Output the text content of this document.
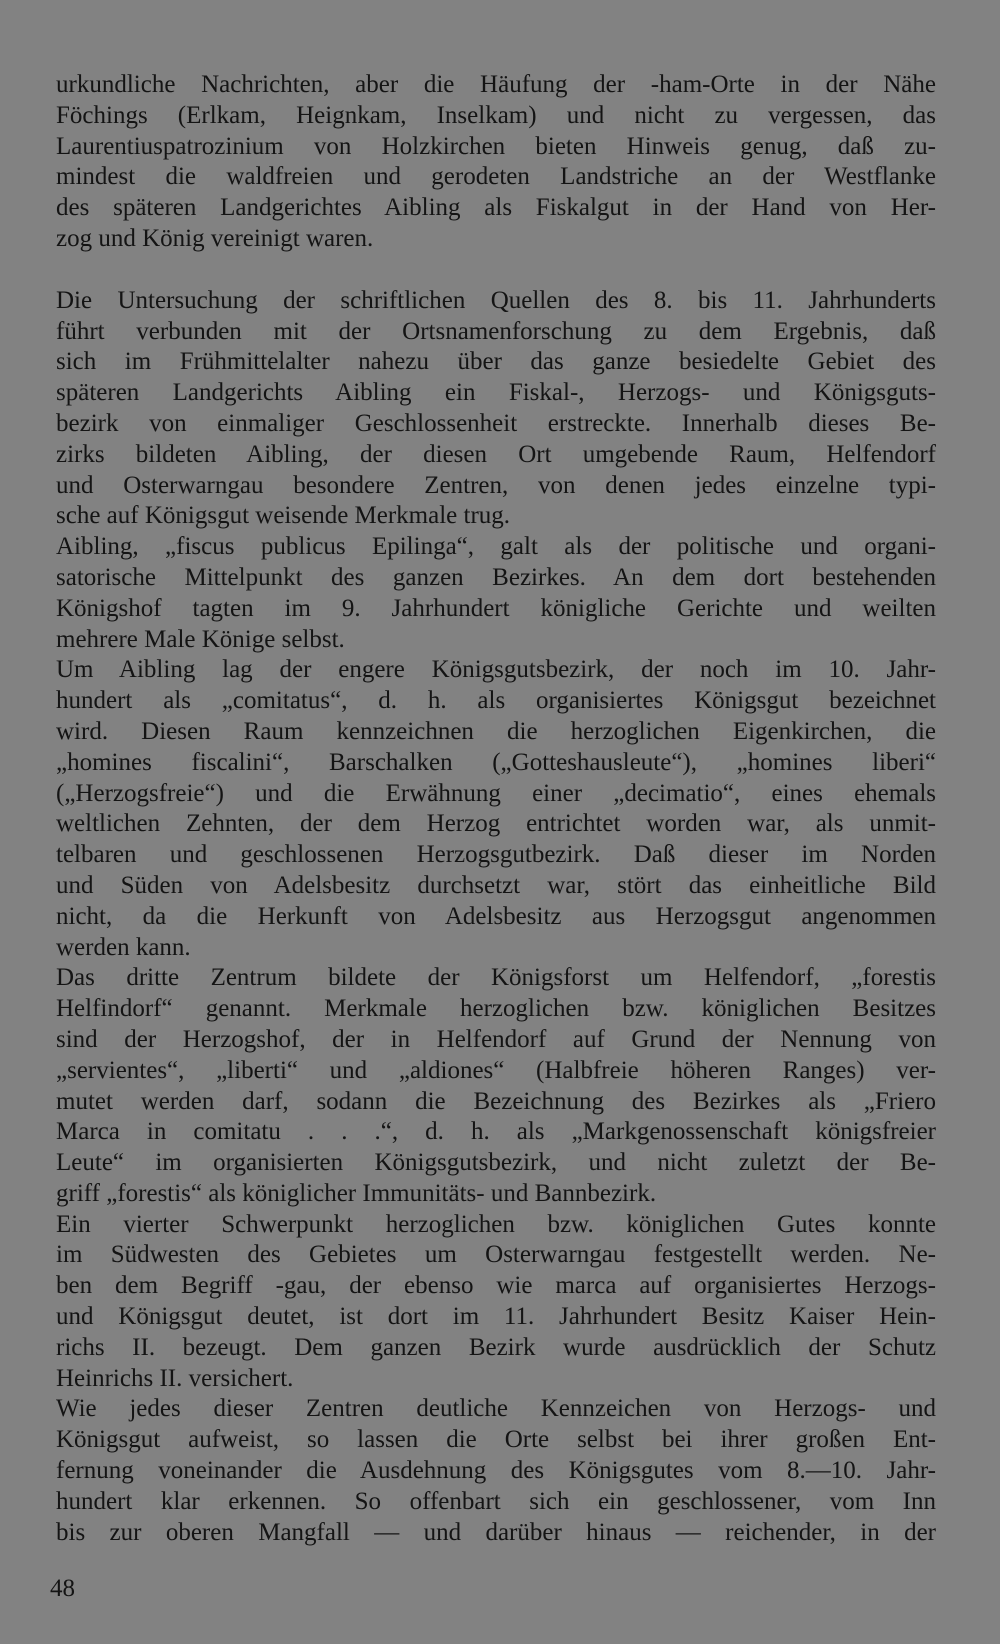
urkundliche Nachrichten, aber die Häufung der -ham-Orte in der Nähe
Föchings (Erlkam, Heignkam, Inselkam) und nicht zu vergessen, das
Laurentiuspatrozinium von Holzkirchen bieten Hinweis genug, daß zu-
mindest die waldfreien und gerodeten Landstriche an der Westflanke
des späteren Landgerichtes Aibling als Fiskalgut in der Hand von Her-
zog und König vereinigt waren.

Die Untersuchung der schriftlichen Quellen des 8. bis 11. Jahrhunderts
führt verbunden mit der Ortsnamenforschung zu dem Ergebnis, daß
sich im Frühmittelalter nahezu über das ganze besiedelte Gebiet des
späteren Landgerichts Aibling ein Fiskal-, Herzogs- und Königsguts-
bezirk von einmaliger Geschlossenheit erstreckte. Innerhalb dieses Be-
zirks bildeten Aibling, der diesen Ort umgebende Raum, Helfendorf
und Osterwarngau besondere Zentren, von denen jedes einzelne typi-
sche auf Königsgut weisende Merkmale trug.

Aibling, „fiscus publicus Epilinga“, galt als der politische und organi-
satorische Mittelpunkt des ganzen Bezirkes. An dem dort bestehenden
Königshof tagten im 9. Jahrhundert königliche Gerichte und weilten
mehrere Male Könige selbst.

Um Aibling lag der engere Königsgutsbezirk, der noch im 10. Jahr-
hundert als „comitatus“, d. h. als organisiertes Königsgut bezeichnet
wird. Diesen Raum kennzeichnen die herzoglichen Eigenkirchen, die
„homines fiscalini“, Barschalken („Gotteshausleute“), „homines liberi“
(„Herzogsfreie“) und die Erwähnung einer „decimatio“, eines ehemals
weltlichen Zehnten, der dem Herzog entrichtet worden war, als unmit-
telbaren und geschlossenen Herzogsgutbezirk. Daß dieser im Norden
und Süden von Adelsbesitz durchsetzt war, stört das einheitliche Bild
nicht, da die Herkunft von Adelsbesitz aus Herzogsgut angenommen
werden kann.

Das dritte Zentrum bildete der Königsforst um Helfendorf, „forestis
Helfindorf“ genannt. Merkmale herzoglichen bzw. königlichen Besitzes
sind der Herzogshof, der in Helfendorf auf Grund der Nennung von
„servientes“, „liberti“ und „aldiones“ (Halbfreie höheren Ranges) ver-
mutet werden darf, sodann die Bezeichnung des Bezirkes als „Friero
Marca in comitatu . . .“, d. h. als „Markgenossenschaft königsfreier
Leute“ im organisierten Königsgutsbezirk, und nicht zuletzt der Be-
griff „forestis“ als königlicher Immunitäts- und Bannbezirk.

Ein vierter Schwerpunkt herzoglichen bzw. königlichen Gutes konnte
im Südwesten des Gebietes um Osterwarngau festgestellt werden. Ne-
ben dem Begriff -gau, der ebenso wie marca auf organisiertes Herzogs-
und Königsgut deutet, ist dort im 11. Jahrhundert Besitz Kaiser Hein-
richs II. bezeugt. Dem ganzen Bezirk wurde ausdrücklich der Schutz
Heinrichs II. versichert.

Wie jedes dieser Zentren deutliche Kennzeichen von Herzogs- und
Königsgut aufweist, so lassen die Orte selbst bei ihrer großen Ent-
fernung voneinander die Ausdehnung des Königsgutes vom 8.—10. Jahr-
hundert klar erkennen. So offenbart sich ein geschlossener, vom Inn
bis zur oberen Mangfall — und darüber hinaus — reichender, in der

48
